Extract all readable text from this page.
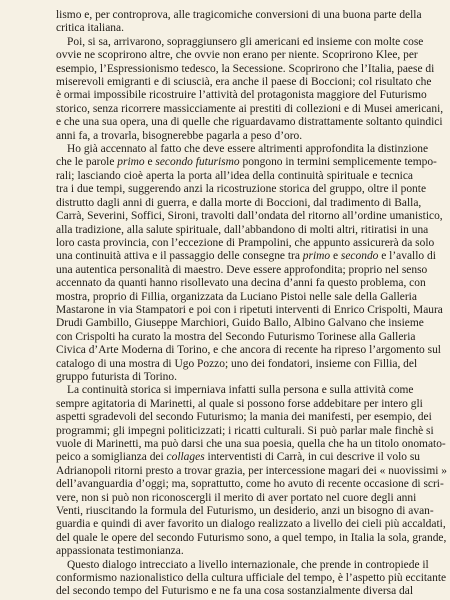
lismo e, per controprova, alle tragicomiche conversioni di una buona parte della
critica italiana.
Poi, si sa, arrivarono, sopraggiunsero gli americani ed insieme con molte cose
ovvie ne scoprirono altre, che ovvie non erano per niente. Scoprirono Klee, per
esempio, l’Espressionismo tedesco, la Secessione. Scoprirono che l’Italia, paese di
miserevoli emigranti e di sciuscià, era anche il paese di Boccioni; col risultato che
è ormai impossibile ricostruire l’attività del protagonista maggiore del Futurismo
storico, senza ricorrere massicciamente ai prestiti di collezioni e di Musei americani,
e che una sua opera, una di quelle che riguardavamo distrattamente soltanto quindici
anni fa, a trovarla, bisognerebbe pagarla a peso d’oro.
Ho già accennato al fatto che deve essere altrimenti approfondita la distinzione
che le parole primo e secondo futurismo pongono in termini semplicemente tempo-
rali; lasciando cioè aperta la porta all’idea della continuità spirituale e tecnica
tra i due tempi, suggerendo anzi la ricostruzione storica del gruppo, oltre il ponte
distrutto dagli anni di guerra, e dalla morte di Boccioni, dal tradimento di Balla,
Carrà, Severini, Soffici, Sironi, travolti dall’ondata del ritorno all’ordine umanistico,
alla tradizione, alla salute spirituale, dall’abbandono di molti altri, ritiratisi in una
loro casta provincia, con l’eccezione di Prampolini, che appunto assicurerà da solo
una continuità attiva e il passaggio delle consegne tra primo e secondo e l’avallo di
una autentica personalità di maestro. Deve essere approfondita; proprio nel senso
accennato da quanti hanno risollevato una decina d’anni fa questo problema, con
mostra, proprio di Fillia, organizzata da Luciano Pistoi nelle sale della Galleria
Mastarone in via Stampatori e poi con i ripetuti interventi di Enrico Crispolti, Maura
Drudi Gambillo, Giuseppe Marchiori, Guido Ballo, Albino Galvano che insieme
con Crispolti ha curato la mostra del Secondo Futurismo Torinese alla Galleria
Civica d’Arte Moderna di Torino, e che ancora di recente ha ripreso l’argomento sul
catalogo di una mostra di Ugo Pozzo; uno dei fondatori, insieme con Fillia, del
gruppo futurista di Torino.
La continuità storica si imperniava infatti sulla persona e sulla attività come
sempre agitatoria di Marinetti, al quale si possono forse addebitare per intero gli
aspetti sgradevoli del secondo Futurismo; la mania dei manifesti, per esempio, dei
programmi; gli impegni politicizzati; i ricatti culturali. Si può parlar male finchè si
vuole di Marinetti, ma può darsi che una sua poesia, quella che ha un titolo onomato-
peico a somiglianza dei collages interventisti di Carrà, in cui descrive il volo su
Adrianopoli ritorni presto a trovar grazia, per intercessione magari dei « nuovissimi »
dell’avanguardia d’oggi; ma, soprattutto, come ho avuto di recente occasione di scri-
vere, non si può non riconoscergli il merito di aver portato nel cuore degli anni
Venti, riuscitando la formula del Futurismo, un desiderio, anzi un bisogno di avan-
guardia e quindi di aver favorito un dialogo realizzato a livello dei cieli più accaldati,
del quale le opere del secondo Futurismo sono, a quel tempo, in Italia la sola, grande,
appassionata testimonianza.
Questo dialogo intrecciato a livello internazionale, che prende in contropiede il
conformismo nazionalistico della cultura ufficiale del tempo, è l’aspetto più eccitante
del secondo tempo del Futurismo e ne fa una cosa sostanzialmente diversa dal
